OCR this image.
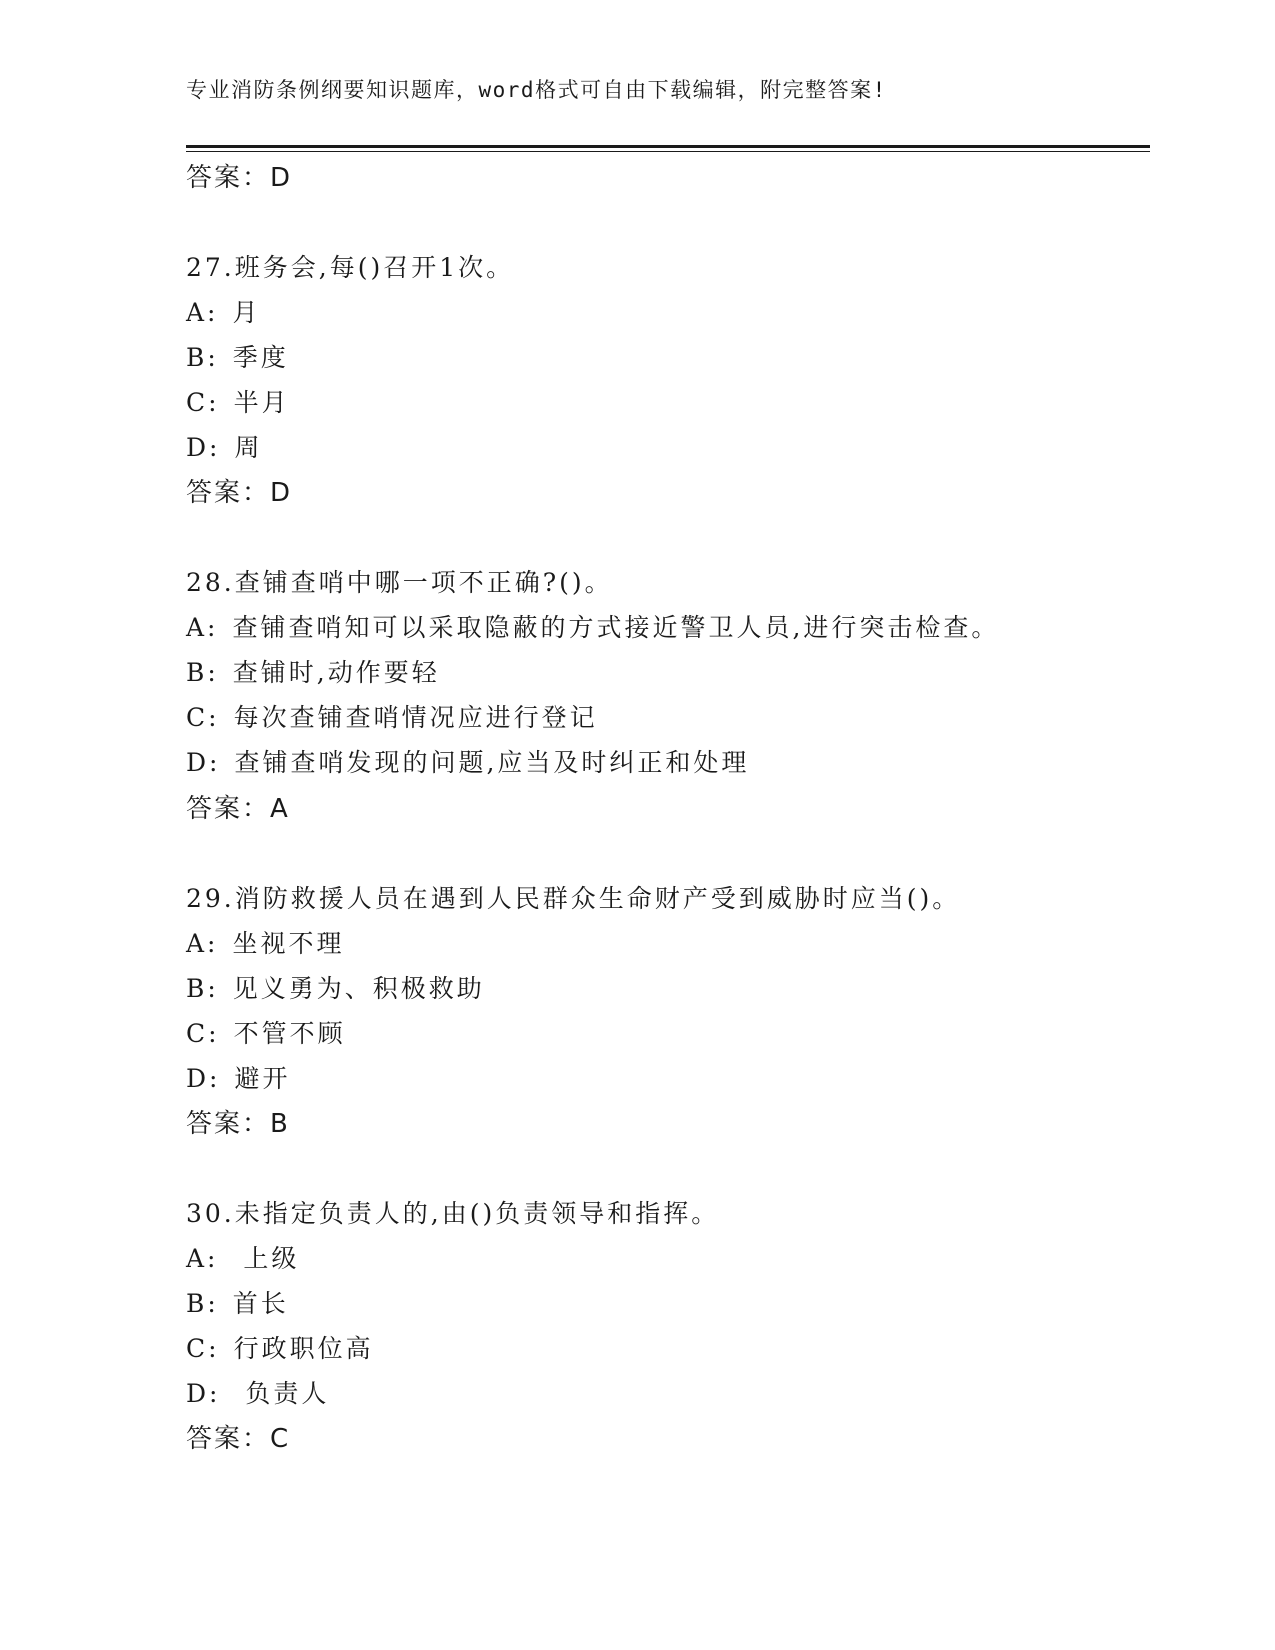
专业消防条例纲要知识题库，word格式可自由下载编辑，附完整答案!
答案：D
27.班务会,每()召开1次。
A: 月
B: 季度
C: 半月
D: 周
答案：D
28.查铺查哨中哪一项不正确?()。
A: 查铺查哨知可以采取隐蔽的方式接近警卫人员,进行突击检查。
B: 查铺时,动作要轻
C: 每次查铺查哨情况应进行登记
D: 查铺查哨发现的问题,应当及时纠正和处理
答案：A
29.消防救援人员在遇到人民群众生命财产受到威胁时应当()。
A: 坐视不理
B: 见义勇为、积极救助
C: 不管不顾
D: 避开
答案：B
30.未指定负责人的,由()负责领导和指挥。
A: 上级
B: 首长
C: 行政职位高
D: 负责人
答案：C
